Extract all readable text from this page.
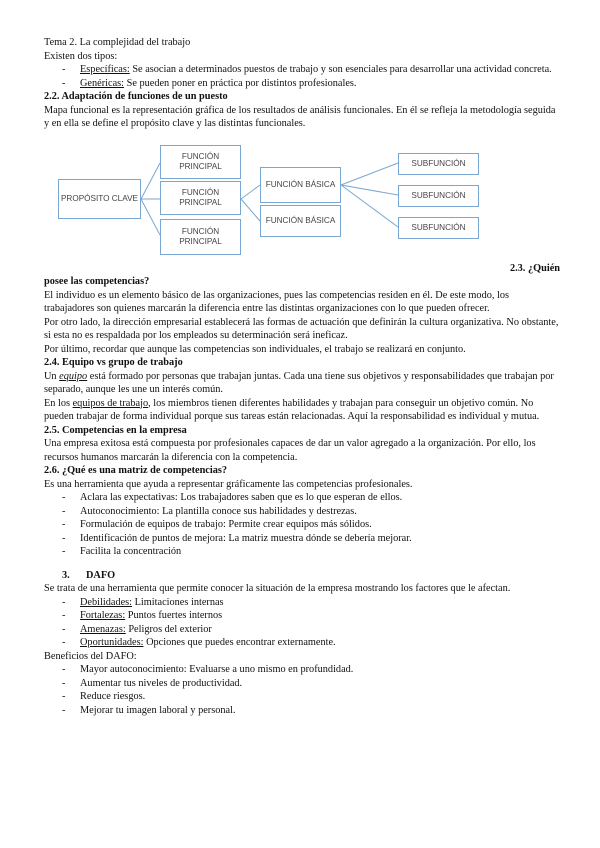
Tema 2. La complejidad del trabajo

Existen dos tipos:

- Específicas: Se asocian a determinados puestos de trabajo y son esenciales para desarrollar una actividad concreta.
- Genéricas: Se pueden poner en práctica por distintos profesionales.

2.2. Adaptación de funciones de un puesto

Mapa funcional es la representación gráfica de los resultados de análisis funcionales. En él se refleja la metodología seguida y en ella se define el propósito clave y las distintas funcionales.

PROPÓSITO CLAVE
FUNCIÓN PRINCIPAL
FUNCIÓN PRINCIPAL
FUNCIÓN PRINCIPAL
FUNCIÓN BÁSICA
FUNCIÓN BÁSICA
SUBFUNCIÓN
SUBFUNCIÓN
SUBFUNCIÓN

2.3. ¿Quién

posee las competencias?

El individuo es un elemento básico de las organizaciones, pues las competencias residen en él. De este modo, los trabajadores son quienes marcarán la diferencia entre las distintas organizaciones con lo que pueden ofrecer.

Por otro lado, la dirección empresarial establecerá las formas de actuación que definirán la cultura organizativa. No obstante, si esta no es respaldada por los empleados su determinación será ineficaz.

Por último, recordar que aunque las competencias son individuales, el trabajo se realizará en conjunto.

2.4. Equipo vs grupo de trabajo

Un equipo está formado por personas que trabajan juntas. Cada una tiene sus objetivos y responsabilidades que trabajan por separado, aunque les une un interés común.

En los equipos de trabajo, los miembros tienen diferentes habilidades y trabajan para conseguir un objetivo común. No pueden trabajar de forma individual porque sus tareas están relacionadas. Aquí la responsabilidad es individual y mutua.

2.5. Competencias en la empresa

Una empresa exitosa está compuesta por profesionales capaces de dar un valor agregado a la organización. Por ello, los recursos humanos marcarán la diferencia con la competencia.

2.6. ¿Qué es una matriz de competencias?

Es una herramienta que ayuda a representar gráficamente las competencias profesionales.

- Aclara las expectativas: Los trabajadores saben que es lo que esperan de ellos.
- Autoconocimiento: La plantilla conoce sus habilidades y destrezas.
- Formulación de equipos de trabajo: Permite crear equipos más sólidos.
- Identificación de puntos de mejora: La matriz muestra dónde se debería mejorar.
- Facilita la concentración

3. DAFO

Se trata de una herramienta que permite conocer la situación de la empresa mostrando los factores que le afectan.

- Debilidades: Limitaciones internas
- Fortalezas: Puntos fuertes internos
- Amenazas: Peligros del exterior
- Oportunidades: Opciones que puedes encontrar externamente.

Beneficios del DAFO:

- Mayor autoconocimiento: Evaluarse a uno mismo en profundidad.
- Aumentar tus niveles de productividad.
- Reduce riesgos.
- Mejorar tu imagen laboral y personal.
